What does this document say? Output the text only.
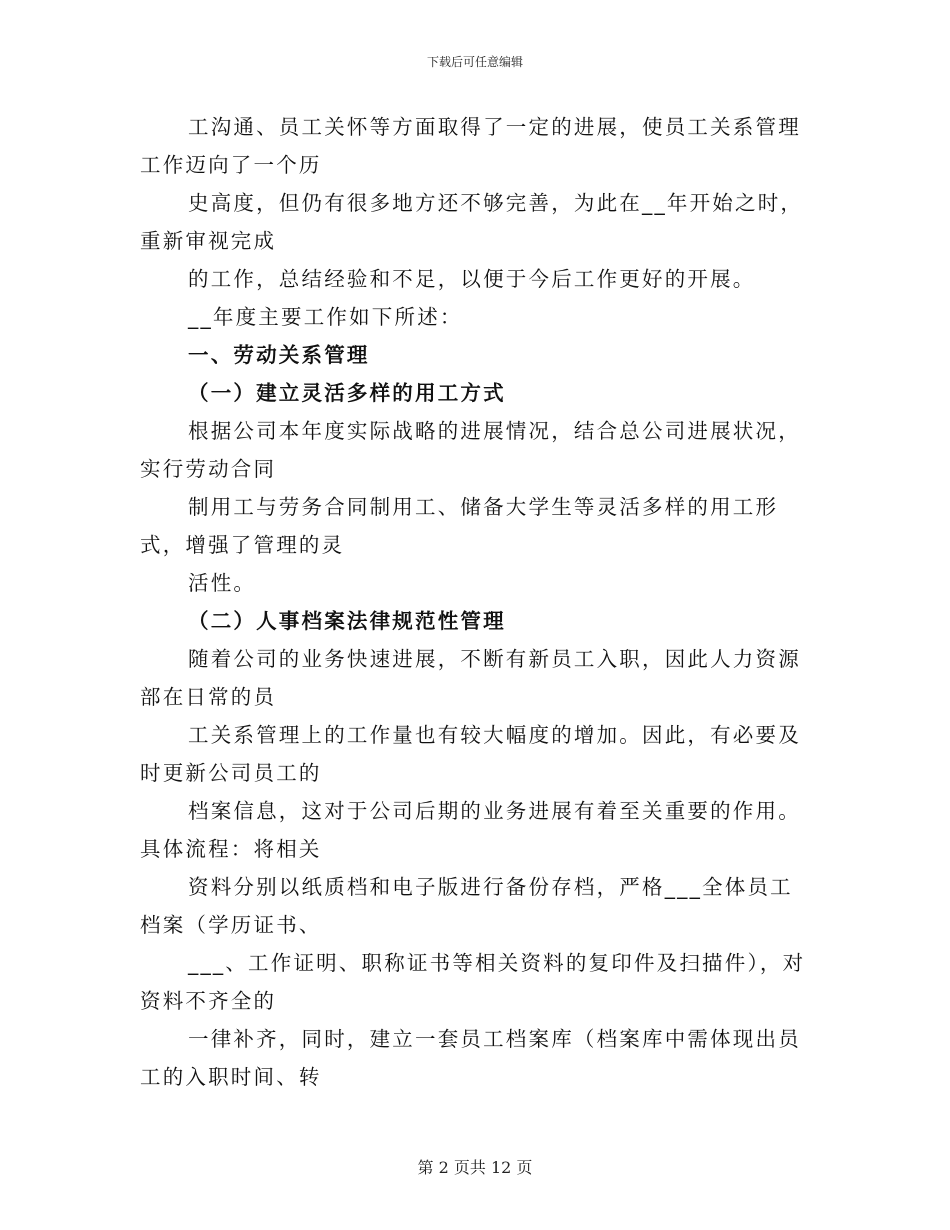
下载后可任意编辑

工沟通、员工关怀等方面取得了一定的进展，使员工关系管理工作迈向了一个历

史高度，但仍有很多地方还不够完善，为此在__年开始之时，重新审视完成

的工作，总结经验和不足，以便于今后工作更好的开展。

__年度主要工作如下所述：

一、劳动关系管理

（一）建立灵活多样的用工方式

根据公司本年度实际战略的进展情况，结合总公司进展状况，实行劳动合同

制用工与劳务合同制用工、储备大学生等灵活多样的用工形式，增强了管理的灵

活性。

（二）人事档案法律规范性管理

随着公司的业务快速进展，不断有新员工入职，因此人力资源部在日常的员

工关系管理上的工作量也有较大幅度的增加。因此，有必要及时更新公司员工的

档案信息，这对于公司后期的业务进展有着至关重要的作用。具体流程：将相关

资料分别以纸质档和电子版进行备份存档，严格___全体员工档案（学历证书、

___、工作证明、职称证书等相关资料的复印件及扫描件），对资料不齐全的

一律补齐，同时，建立一套员工档案库（档案库中需体现出员工的入职时间、转

第 2 页共 12 页
